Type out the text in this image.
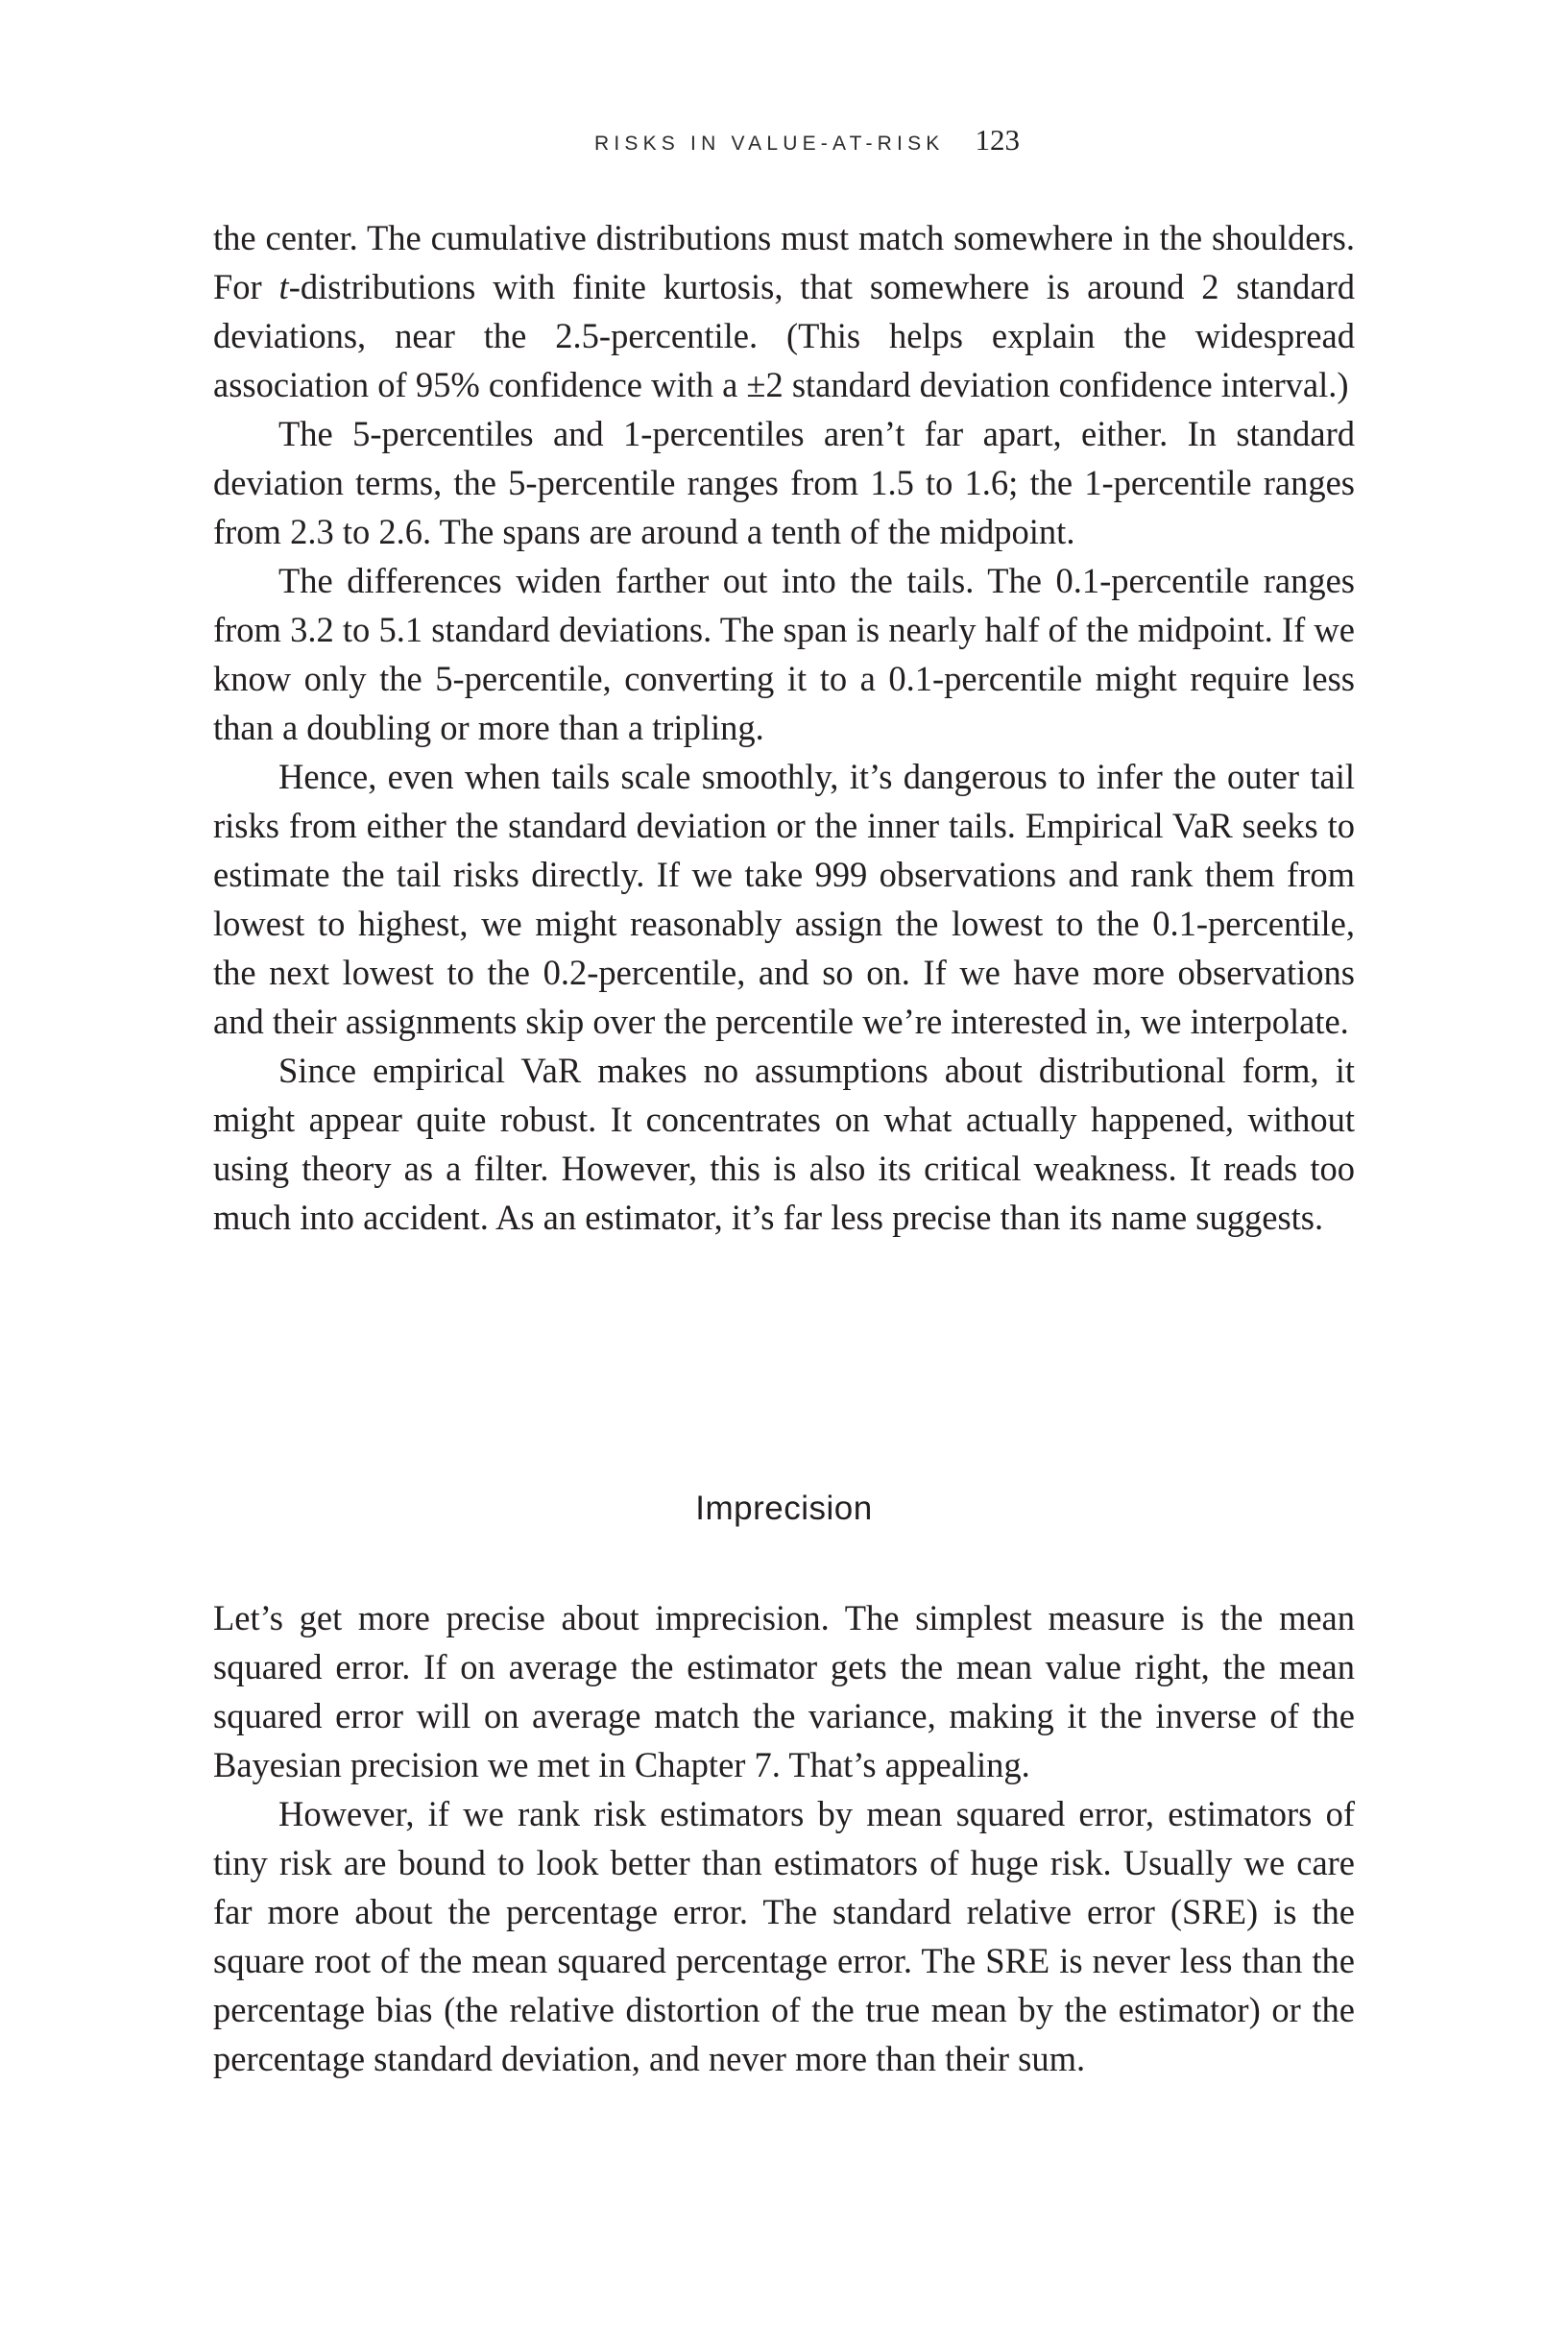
RISKS IN VALUE-AT-RISK 123

the center. The cumulative distributions must match somewhere in the shoulders. For t-distributions with finite kurtosis, that somewhere is around 2 standard deviations, near the 2.5-percentile. (This helps explain the widespread association of 95% confidence with a ±2 standard deviation confidence interval.)

The 5-percentiles and 1-percentiles aren’t far apart, either. In standard deviation terms, the 5-percentile ranges from 1.5 to 1.6; the 1-percentile ranges from 2.3 to 2.6. The spans are around a tenth of the midpoint.

The differences widen farther out into the tails. The 0.1-percentile ranges from 3.2 to 5.1 standard deviations. The span is nearly half of the midpoint. If we know only the 5-percentile, converting it to a 0.1-percentile might require less than a doubling or more than a tripling.

Hence, even when tails scale smoothly, it’s dangerous to infer the outer tail risks from either the standard deviation or the inner tails. Empirical VaR seeks to estimate the tail risks directly. If we take 999 observations and rank them from lowest to highest, we might reasonably assign the lowest to the 0.1-percentile, the next lowest to the 0.2-percentile, and so on. If we have more observations and their assignments skip over the percentile we’re interested in, we interpolate.

Since empirical VaR makes no assumptions about distributional form, it might appear quite robust. It concentrates on what actually happened, without using theory as a filter. However, this is also its critical weakness. It reads too much into accident. As an estimator, it’s far less precise than its name suggests.

Imprecision

Let’s get more precise about imprecision. The simplest measure is the mean squared error. If on average the estimator gets the mean value right, the mean squared error will on average match the variance, making it the inverse of the Bayesian precision we met in Chapter 7. That’s appealing.

However, if we rank risk estimators by mean squared error, estimators of tiny risk are bound to look better than estimators of huge risk. Usually we care far more about the percentage error. The standard relative error (SRE) is the square root of the mean squared percentage error. The SRE is never less than the percentage bias (the relative distortion of the true mean by the estimator) or the percentage standard deviation, and never more than their sum.
